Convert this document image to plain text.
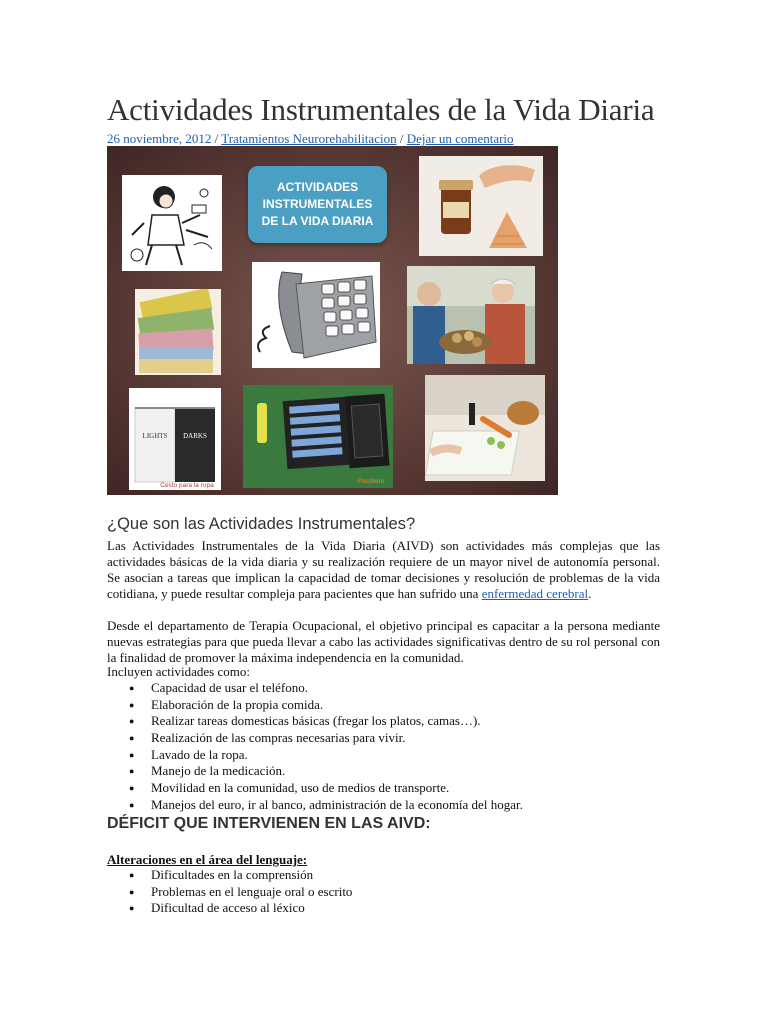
Actividades Instrumentales de la Vida Diaria
26 noviembre, 2012 / Tratamientos Neurorehabilitacion / Dejar un comentario
ACTIVIDADES
INSTRUMENTALES
DE LA VIDA DIARIA
LIGHTS DARKS
Cesto para la ropa
Pastillero
¿Que son las Actividades Instrumentales?

Las Actividades Instrumentales de la Vida Diaria (AIVD) son actividades más complejas que las actividades básicas de la vida diaria y su realización requiere de un mayor nivel de autonomía personal. Se asocian a tareas que implican la capacidad de tomar decisiones y resolución de problemas de la vida cotidiana, y puede resultar compleja para pacientes que han sufrido una enfermedad cerebral.

Desde el departamento de Terapia Ocupacional, el objetivo principal es capacitar a la persona mediante nuevas estrategias para que pueda llevar a cabo las actividades significativas dentro de su rol personal con la finalidad de promover la máxima independencia en la comunidad.

Incluyen actividades como:
● Capacidad de usar el teléfono.
● Elaboración de la propia comida.
● Realizar tareas domesticas básicas (fregar los platos, camas…).
● Realización de las compras necesarias para vivir.
● Lavado de la ropa.
● Manejo de la medicación.
● Movilidad en la comunidad, uso de medios de transporte.
● Manejos del euro, ir al banco, administración de la economía del hogar.
DÉFICIT QUE INTERVIENEN EN LAS AIVD:
Alteraciones en el área del lenguaje:
● Dificultades en la comprensión
● Problemas en el lenguaje oral o escrito
● Dificultad de acceso al léxico
